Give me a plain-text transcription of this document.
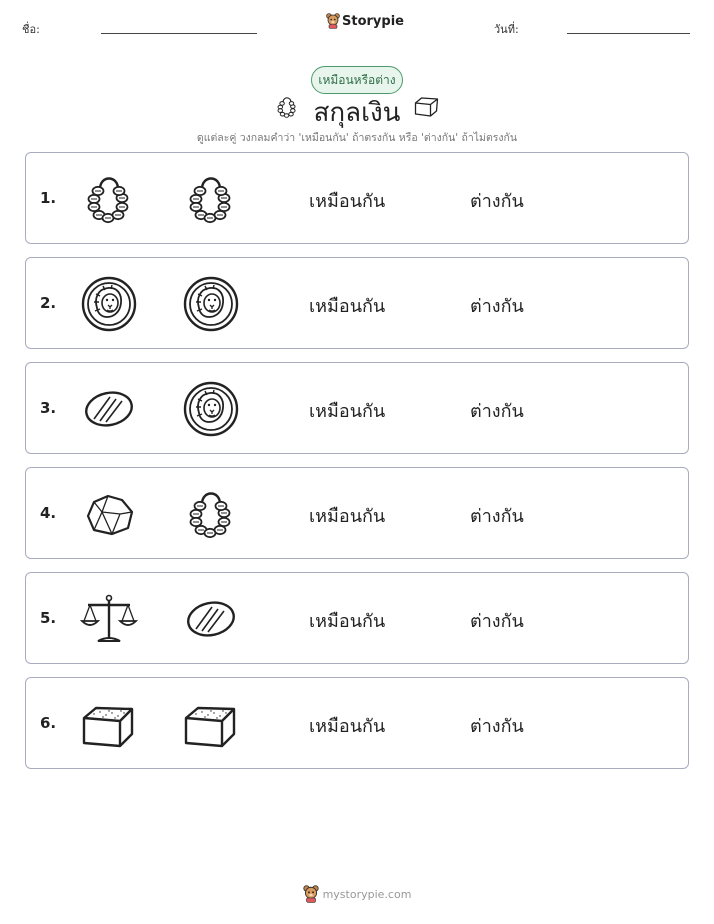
ชื่อ:
Storypie
วันที่:
เหมือนหรือต่าง
สกุลเงิน
ดูแต่ละคู่ วงกลมคำว่า 'เหมือนกัน' ถ้าตรงกัน หรือ 'ต่างกัน' ถ้าไม่ตรงกัน
1.	เหมือนกัน	ต่างกัน
2.	เหมือนกัน	ต่างกัน
3.	เหมือนกัน	ต่างกัน
4.	เหมือนกัน	ต่างกัน
5.	เหมือนกัน	ต่างกัน
6.	เหมือนกัน	ต่างกัน
mystorypie.com
